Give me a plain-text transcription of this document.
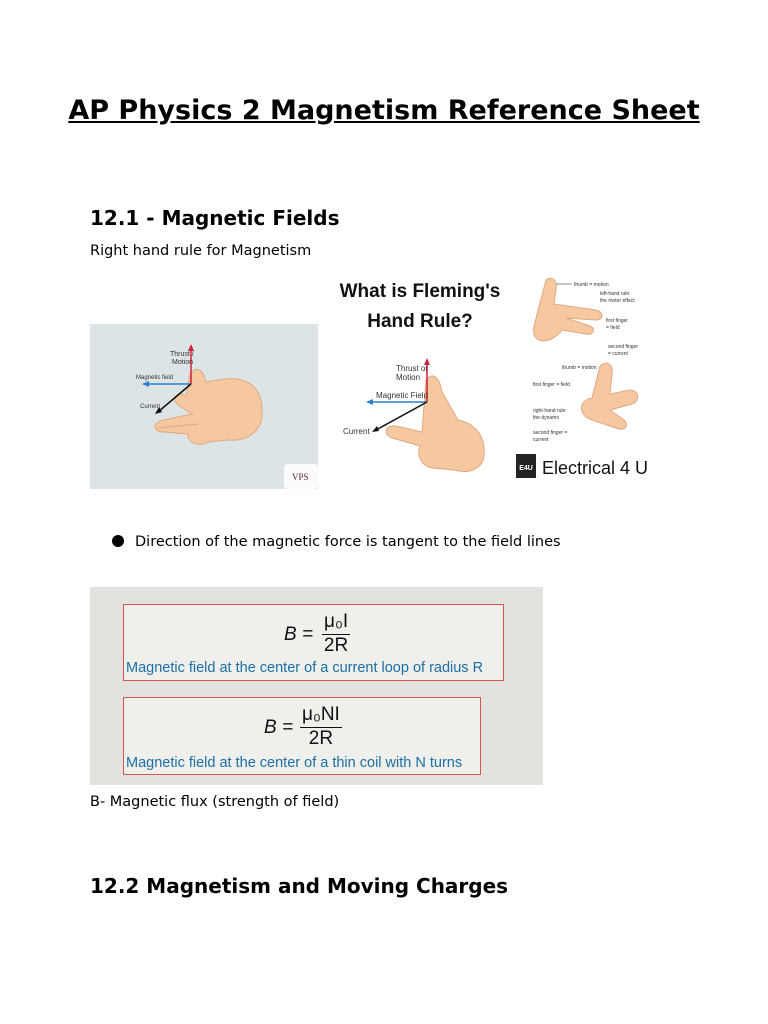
AP Physics 2 Magnetism Reference Sheet
12.1 - Magnetic Fields

Right hand rule for Magnetism

Thrust /
Motion
Magnetic field
Current
VPS
What is Fleming's
Hand Rule?
Thrust or
Motion
Magnetic Field
Current
thumb = motion
left-hand rule:
the motor effect
first finger
= field
second finger
= current
thumb = motion
first finger = field
right-hand rule:
the dynamo
second finger =
current
E4U Electrical 4 U
Direction of the magnetic force is tangent to the field lines
$B = \frac{\text{μ₀I}}{2R}$
Magnetic field at the center of a current loop of radius R
$B = \frac{\text{μ₀NI}}{2R}$
Magnetic field at the center of a thin coil with N turns

B- Magnetic flux (strength of field)

12.2 Magnetism and Moving Charges
